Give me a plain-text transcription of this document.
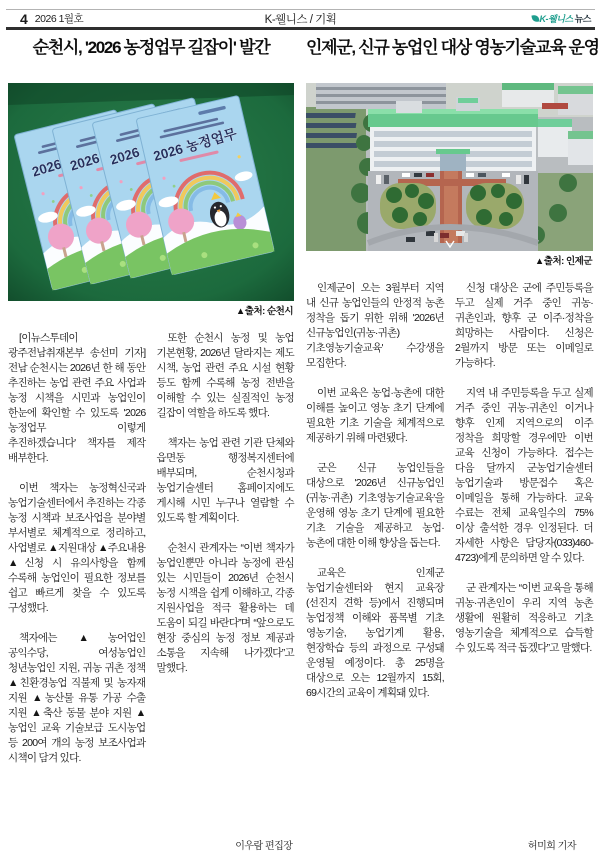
4 2026 1월호	K-웰니스 / 기획	K-웰니스 뉴스
순천시, '2026 농정업무 길잡이' 발간
▲출처: 순천시

[이뉴스투데이 광주전남취재본부 송선미 기자] 전남 순천시는 2026년 한 해 동안 추진하는 농업 관련 주요 사업과 농정 시책을 시민과 농업인이 한눈에 확인할 수 있도록 '2026 농정업무 이렇게 추진하겠습니다' 책자를 제작 배부한다.

이번 책자는 농정혁신국과 농업기술센터에서 추진하는 각종 농정 시책과 보조사업을 분야별 부서별로 체계적으로 정리하고, 사업별로 ▲지원대상 ▲주요내용 ▲신청 시 유의사항을 함께 수록해 농업인이 필요한 정보를 쉽고 빠르게 찾을 수 있도록 구성했다.

책자에는 ▲농어업인 공익수당, 여성농업인 청년농업인 지원, 귀농 귀촌 정책 ▲친환경농업 직불제 및 농자재 지원 ▲농산물 유통 가공 수출 지원 ▲축산 동물 분야 지원 ▲농업인 교육 기술보급 도시농업 등 200여 개의 농정 보조사업과 시책이 담겨 있다.

또한 순천시 농정 및 농업 기본현황, 2026년 달라지는 제도 시책, 농업 관련 주요 시설 현황 등도 함께 수록해 농정 전반을 이해할 수 있는 실질적인 농정 길잡이 역할을 하도록 했다.

책자는 농업 관련 기관 단체와 읍면동 행정복지센터에 배부되며, 순천시청과 농업기술센터 홈페이지에도 게시해 시민 누구나 열람할 수 있도록 할 계획이다.

순천시 관계자는 “이번 책자가 농업인뿐만 아니라 농정에 관심 있는 시민들이 2026년 순천시 농정 시책을 쉽게 이해하고, 각종 지원사업을 적극 활용하는 데 도움이 되길 바란다”며 “앞으로도 현장 중심의 농정 정보 제공과 소통을 지속해 나가겠다”고 말했다.

인제군, 신규 농업인 대상 영농기술교육 운영
▲출처: 인제군

인제군이 오는 3월부터 지역 내 신규 농업인들의 안정적 농촌 정착을 돕기 위한 위해 '2026년 신규농업인(귀농·귀촌) 기초영농기술교육' 수강생을 모집한다.

이번 교육은 농업·농촌에 대한 이해를 높이고 영농 초기 단계에 필요한 기초 기술을 체계적으로 제공하기 위해 마련됐다.

군은 신규 농업인들을 대상으로 '2026년 신규농업인(귀농·귀촌) 기초영농기술교육'을 운영해 영농 초기 단계에 필요한 기초 기술을 제공하고 농업·농촌에 대한 이해 향상을 돕는다.

교육은 인제군 농업기술센터와 현지 교육장(선진지 견학 등)에서 진행되며 농업정책 이해와 품목별 기초 영농기술, 농업기계 활용, 현장학습 등의 과정으로 구성돼 운영될 예정이다. 총 25명을 대상으로 오는 12월까지 15회, 69시간의 교육이 계획돼 있다.

신청 대상은 군에 주민등록을 두고 실제 거주 중인 귀농·귀촌인과, 향후 군 이주·정착을 희망하는 사람이다. 신청은 2월까지 방문 또는 이메일로 가능하다.

지역 내 주민등록을 두고 실제 거주 중인 귀농·귀촌인 이거나 향후 인제 지역으로의 이주 정착을 희망할 경우에만 이번 교육 신청이 가능하다. 접수는 다음 달까지 군농업기술센터 농업기술과 방문접수 혹은 이메일을 통해 가능하다. 교육 수료는 전체 교육일수의 75% 이상 출석한 경우 인정된다. 더 자세한 사항은 담당자(033)460-4723)에게 문의하면 알 수 있다.

군 관계자는 “이번 교육을 통해 귀농·귀촌인이 우리 지역 농촌 생활에 원활히 적응하고 기초 영농기술을 체계적으로 습득할 수 있도록 적극 돕겠다”고 말했다.

이우람 편집장	허미희 기자
